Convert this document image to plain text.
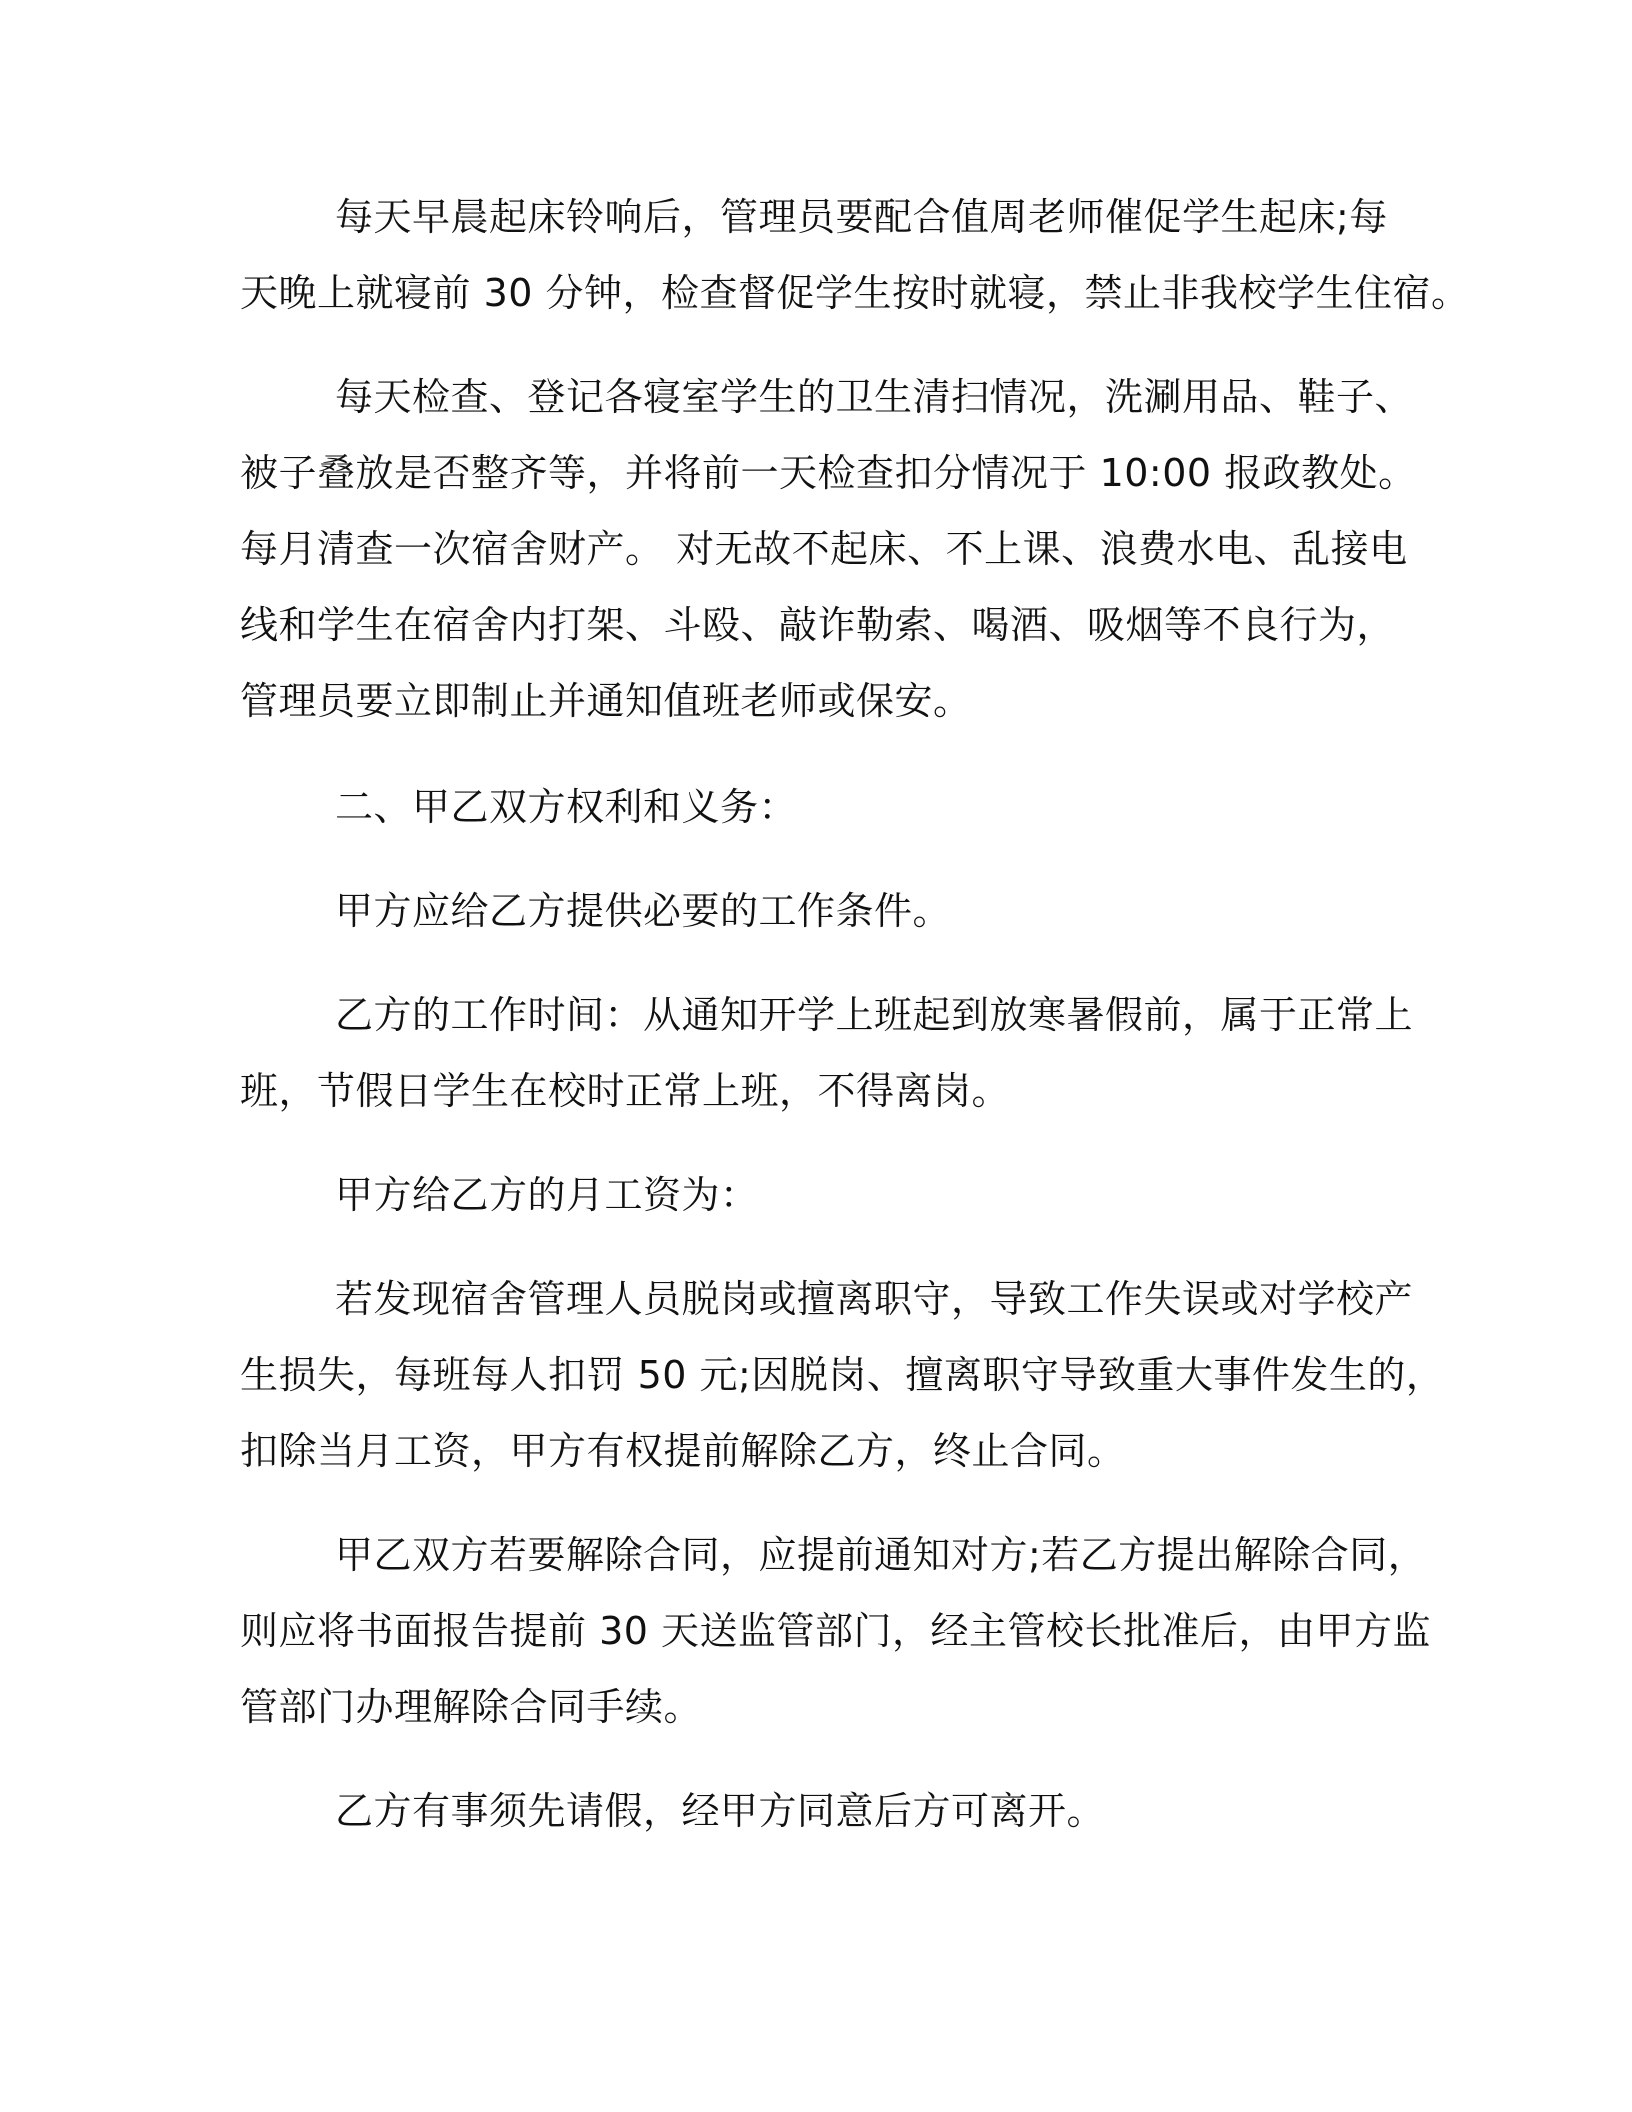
每天早晨起床铃响后，管理员要配合值周老师催促学生起床;每
天晚上就寝前 30 分钟，检查督促学生按时就寝，禁止非我校学生住宿。
每天检查、登记各寝室学生的卫生清扫情况，洗涮用品、鞋子、
被子叠放是否整齐等，并将前一天检查扣分情况于 10:00 报政教处。
每月清查一次宿舍财产。 对无故不起床、不上课、浪费水电、乱接电
线和学生在宿舍内打架、斗殴、敲诈勒索、喝酒、吸烟等不良行为，
管理员要立即制止并通知值班老师或保安。
二、甲乙双方权利和义务：
甲方应给乙方提供必要的工作条件。
乙方的工作时间：从通知开学上班起到放寒暑假前，属于正常上
班，节假日学生在校时正常上班，不得离岗。
甲方给乙方的月工资为：
若发现宿舍管理人员脱岗或擅离职守，导致工作失误或对学校产
生损失，每班每人扣罚 50 元;因脱岗、擅离职守导致重大事件发生的，
扣除当月工资，甲方有权提前解除乙方，终止合同。
甲乙双方若要解除合同，应提前通知对方;若乙方提出解除合同，
则应将书面报告提前 30 天送监管部门，经主管校长批准后，由甲方监
管部门办理解除合同手续。
乙方有事须先请假，经甲方同意后方可离开。
